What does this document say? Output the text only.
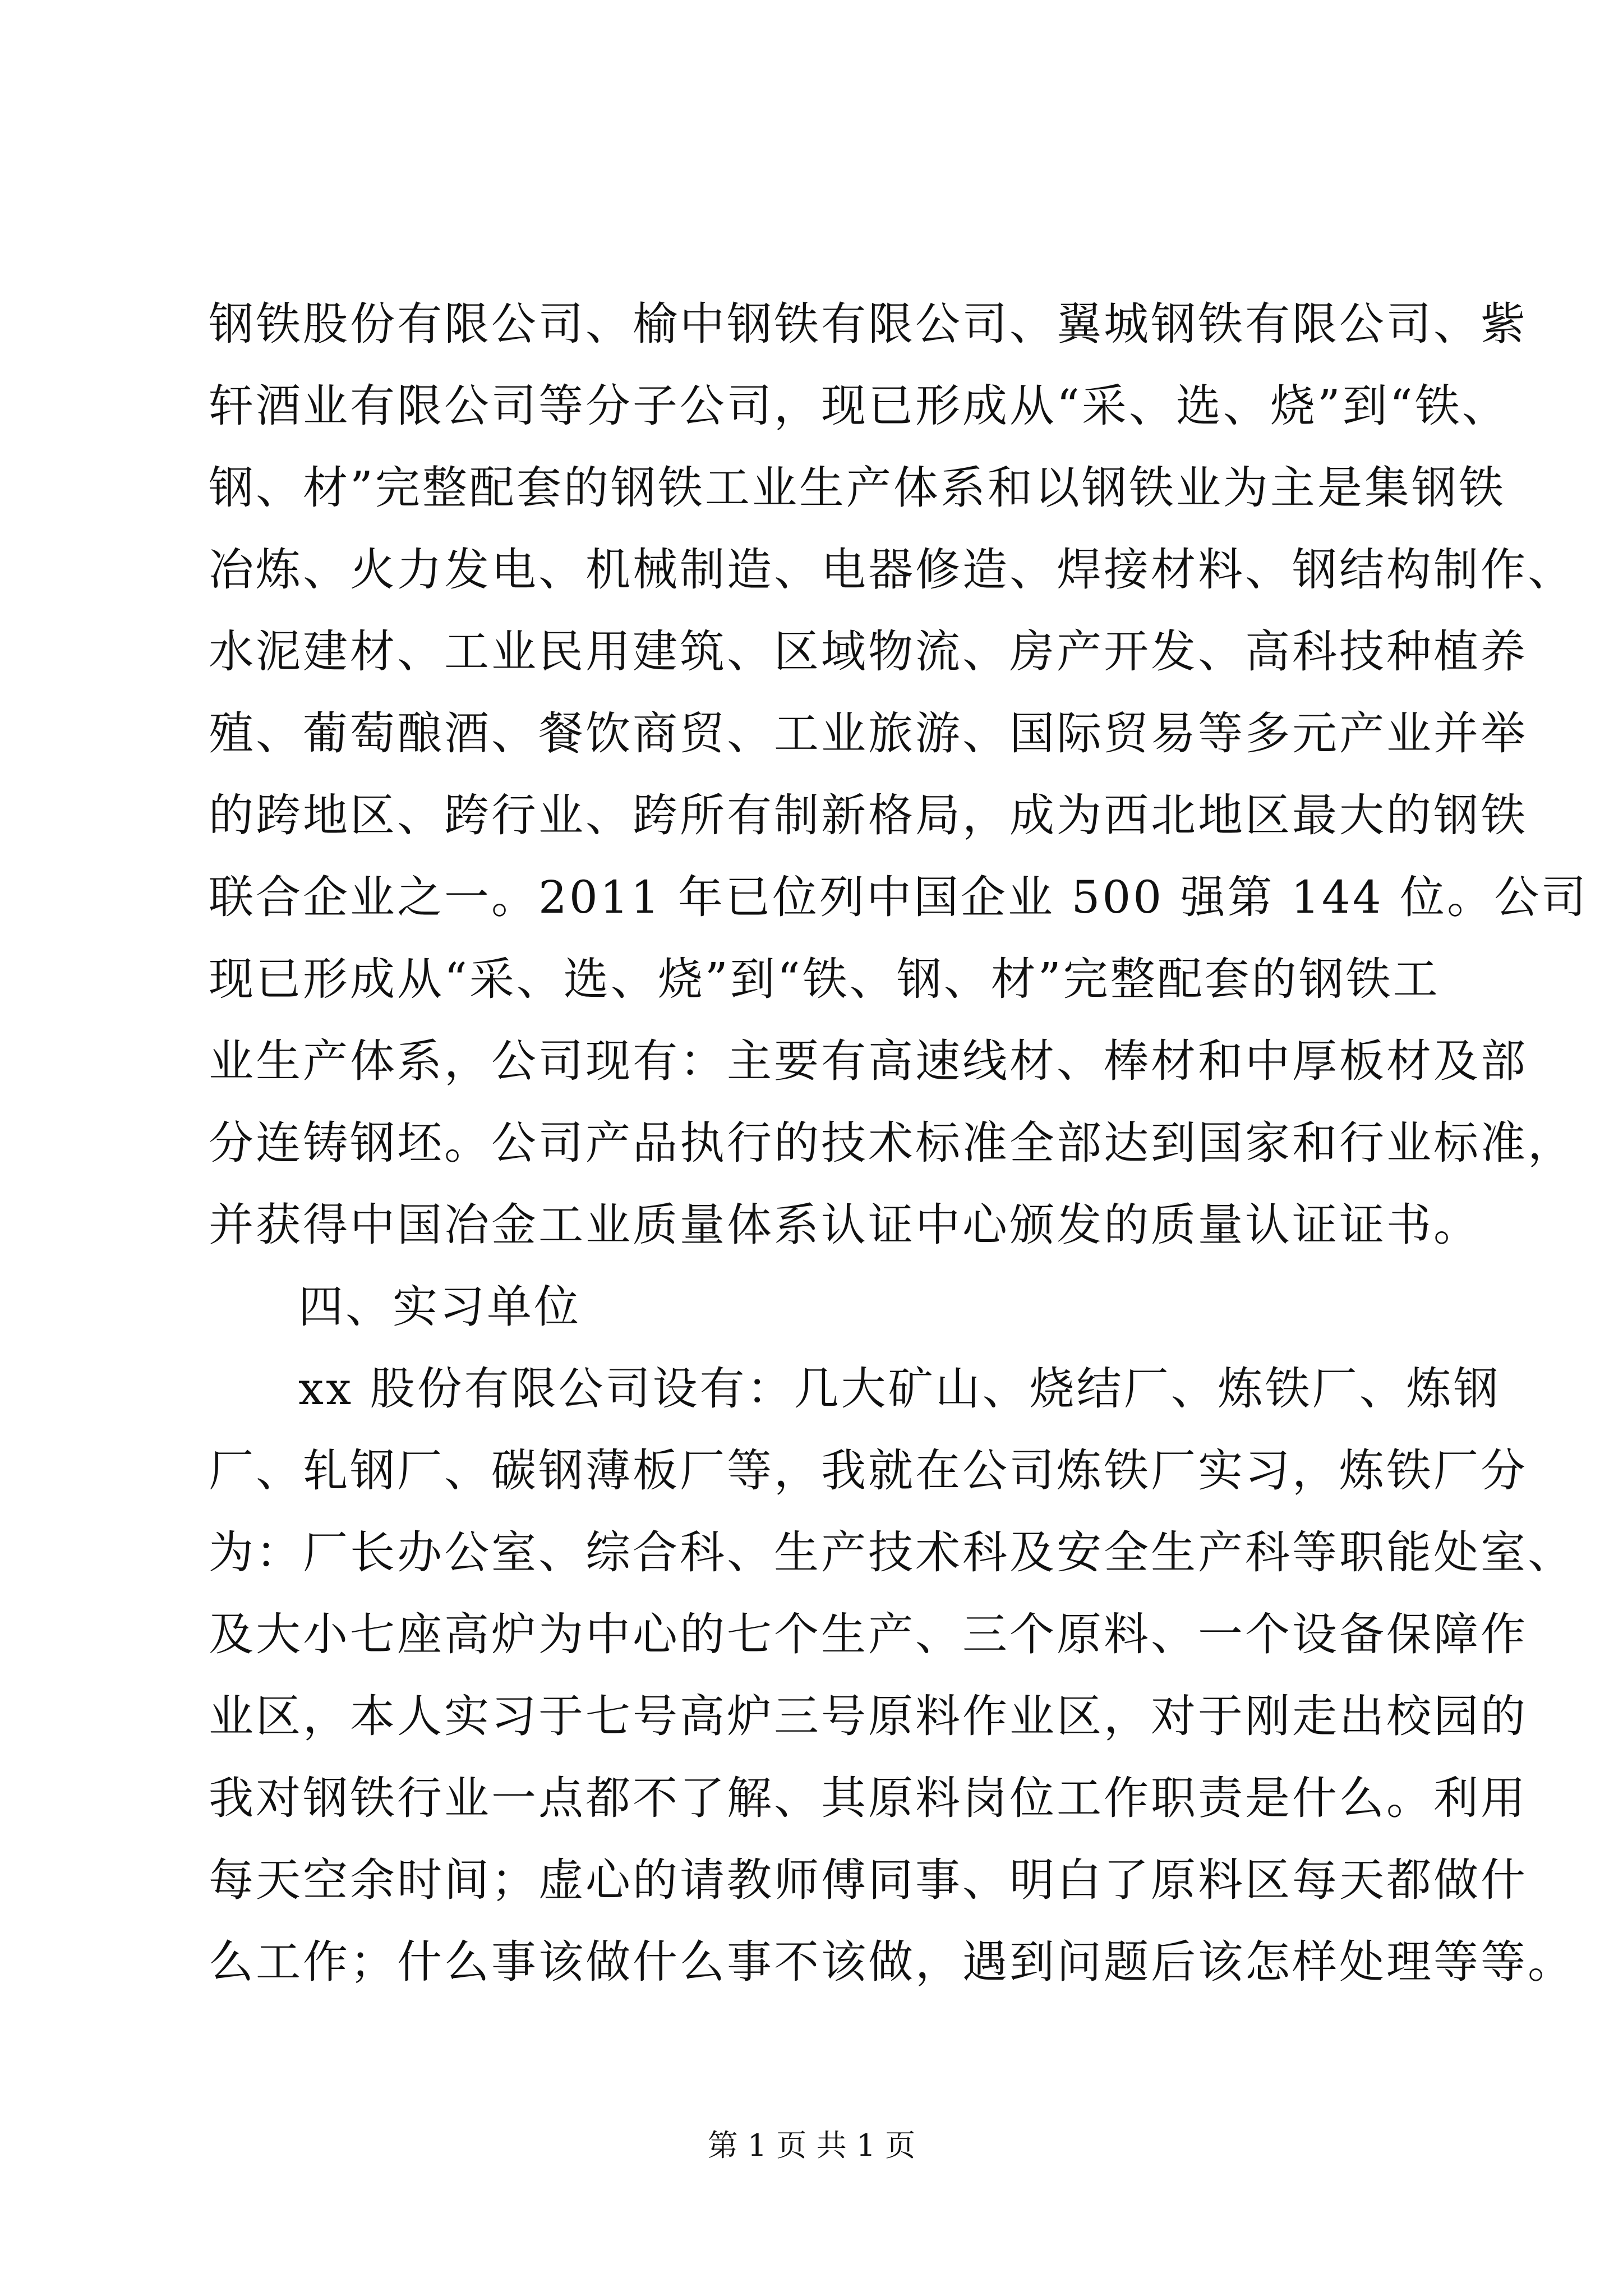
钢铁股份有限公司、榆中钢铁有限公司、翼城钢铁有限公司、紫
轩酒业有限公司等分子公司，现已形成从“采、选、烧”到“铁、
钢、材”完整配套的钢铁工业生产体系和以钢铁业为主是集钢铁
冶炼、火力发电、机械制造、电器修造、焊接材料、钢结构制作、
水泥建材、工业民用建筑、区域物流、房产开发、高科技种植养
殖、葡萄酿酒、餐饮商贸、工业旅游、国际贸易等多元产业并举
的跨地区、跨行业、跨所有制新格局，成为西北地区最大的钢铁
联合企业之一。2011 年已位列中国企业 500 强第 144 位。公司
现已形成从“采、选、烧”到“铁、钢、材”完整配套的钢铁工
业生产体系，公司现有：主要有高速线材、棒材和中厚板材及部
分连铸钢坯。公司产品执行的技术标准全部达到国家和行业标准，
并获得中国冶金工业质量体系认证中心颁发的质量认证证书。
四、实习单位
xx 股份有限公司设有：几大矿山、烧结厂、炼铁厂、炼钢
厂、轧钢厂、碳钢薄板厂等，我就在公司炼铁厂实习，炼铁厂分
为：厂长办公室、综合科、生产技术科及安全生产科等职能处室、
及大小七座高炉为中心的七个生产、三个原料、一个设备保障作
业区，本人实习于七号高炉三号原料作业区，对于刚走出校园的
我对钢铁行业一点都不了解、其原料岗位工作职责是什么。利用
每天空余时间；虚心的请教师傅同事、明白了原料区每天都做什
么工作；什么事该做什么事不该做，遇到问题后该怎样处理等等。
第 1 页 共 1 页
